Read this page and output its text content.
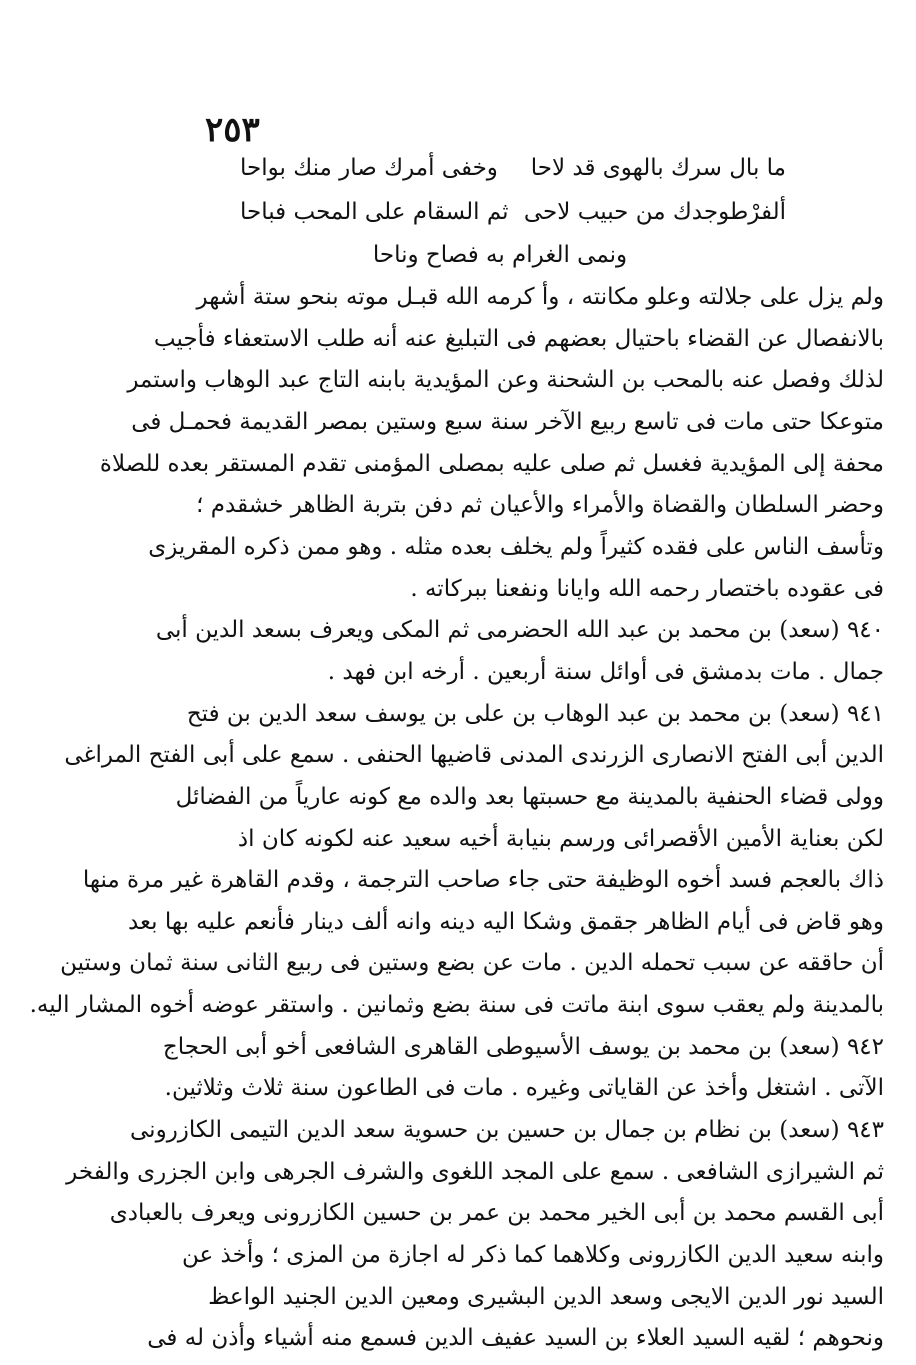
٢٥٣
ما بال سرك بالهوى قد لاحا
وخفى أمرك صار منك بواحا
ألفرْطوجدك من حبيب لاحى
ثم السقام على المحب فباحا
ونمى الغرام به فصاح وناحا
ولم يزل على جلالته وعلو مكانته ، وأ كرمه الله قبـل موته بنحو ستة أشهر
بالانفصال عن القضاء باحتيال بعضهم فى التبليغ عنه أنه طلب الاستعفاء فأجيب
لذلك وفصل عنه بالمحب بن الشحنة وعن المؤيدية بابنه التاج عبد الوهاب واستمر
متوعكا حتى مات فى تاسع ربيع الآخر سنة سبع وستين بمصر القديمة فحمـل فى
محفة إلى المؤيدية فغسل ثم صلى عليه بمصلى المؤمنى تقدم المستقر بعده للصلاة
وحضر السلطان والقضاة والأمراء والأعيان ثم دفن بتربة الظاهر خشقدم ؛
وتأسف الناس على فقده كثيراً ولم يخلف بعده مثله . وهو ممن ذكره المقريزى
فى عقوده باختصار رحمه الله وايانا ونفعنا ببركاته .
٩٤٠ (سعد) بن محمد بن عبد الله الحضرمى ثم المكى ويعرف بسعد الدين أبى
جمال . مات بدمشق فى أوائل سنة أربعين . أرخه ابن فهد .
٩٤١ (سعد) بن محمد بن عبد الوهاب بن على بن يوسف سعد الدين بن فتح
الدين أبى الفتح الانصارى الزرندى المدنى قاضيها الحنفى . سمع على أبى الفتح المراغى
وولى قضاء الحنفية بالمدينة مع حسبتها بعد والده مع كونه عارياً من الفضائل
لكن بعناية الأمين الأقصرائى ورسم بنيابة أخيه سعيد عنه لكونه كان اذ
ذاك بالعجم فسد أخوه الوظيفة حتى جاء صاحب الترجمة ، وقدم القاهرة غير مرة منها
وهو قاض فى أيام الظاهر جقمق وشكا اليه دينه وانه ألف دينار فأنعم عليه بها بعد
أن حاققه عن سبب تحمله الدين . مات عن بضع وستين فى ربيع الثانى سنة ثمان وستين
بالمدينة ولم يعقب سوى ابنة ماتت فى سنة بضع وثمانين . واستقر عوضه أخوه المشار اليه.
٩٤٢ (سعد) بن محمد بن يوسف الأسيوطى القاهرى الشافعى أخو أبى الحجاج
الآتى . اشتغل وأخذ عن القاياتى وغيره . مات فى الطاعون سنة ثلاث وثلاثين.
٩٤٣ (سعد) بن نظام بن جمال بن حسين بن حسوية سعد الدين التيمى الكازرونى
ثم الشيرازى الشافعى . سمع على المجد اللغوى والشرف الجرهى وابن الجزرى والفخر
أبى القسم محمد بن أبى الخير محمد بن عمر بن حسين الكازرونى ويعرف بالعبادى
وابنه سعيد الدين الكازرونى وكلاهما كما ذكر له اجازة من المزى ؛ وأخذ عن
السيد نور الدين الايجى وسعد الدين البشيرى ومعين الدين الجنيد الواعظ
ونحوهم ؛ لقيه السيد العلاء بن السيد عفيف الدين فسمع منه أشياء وأذن له فى
